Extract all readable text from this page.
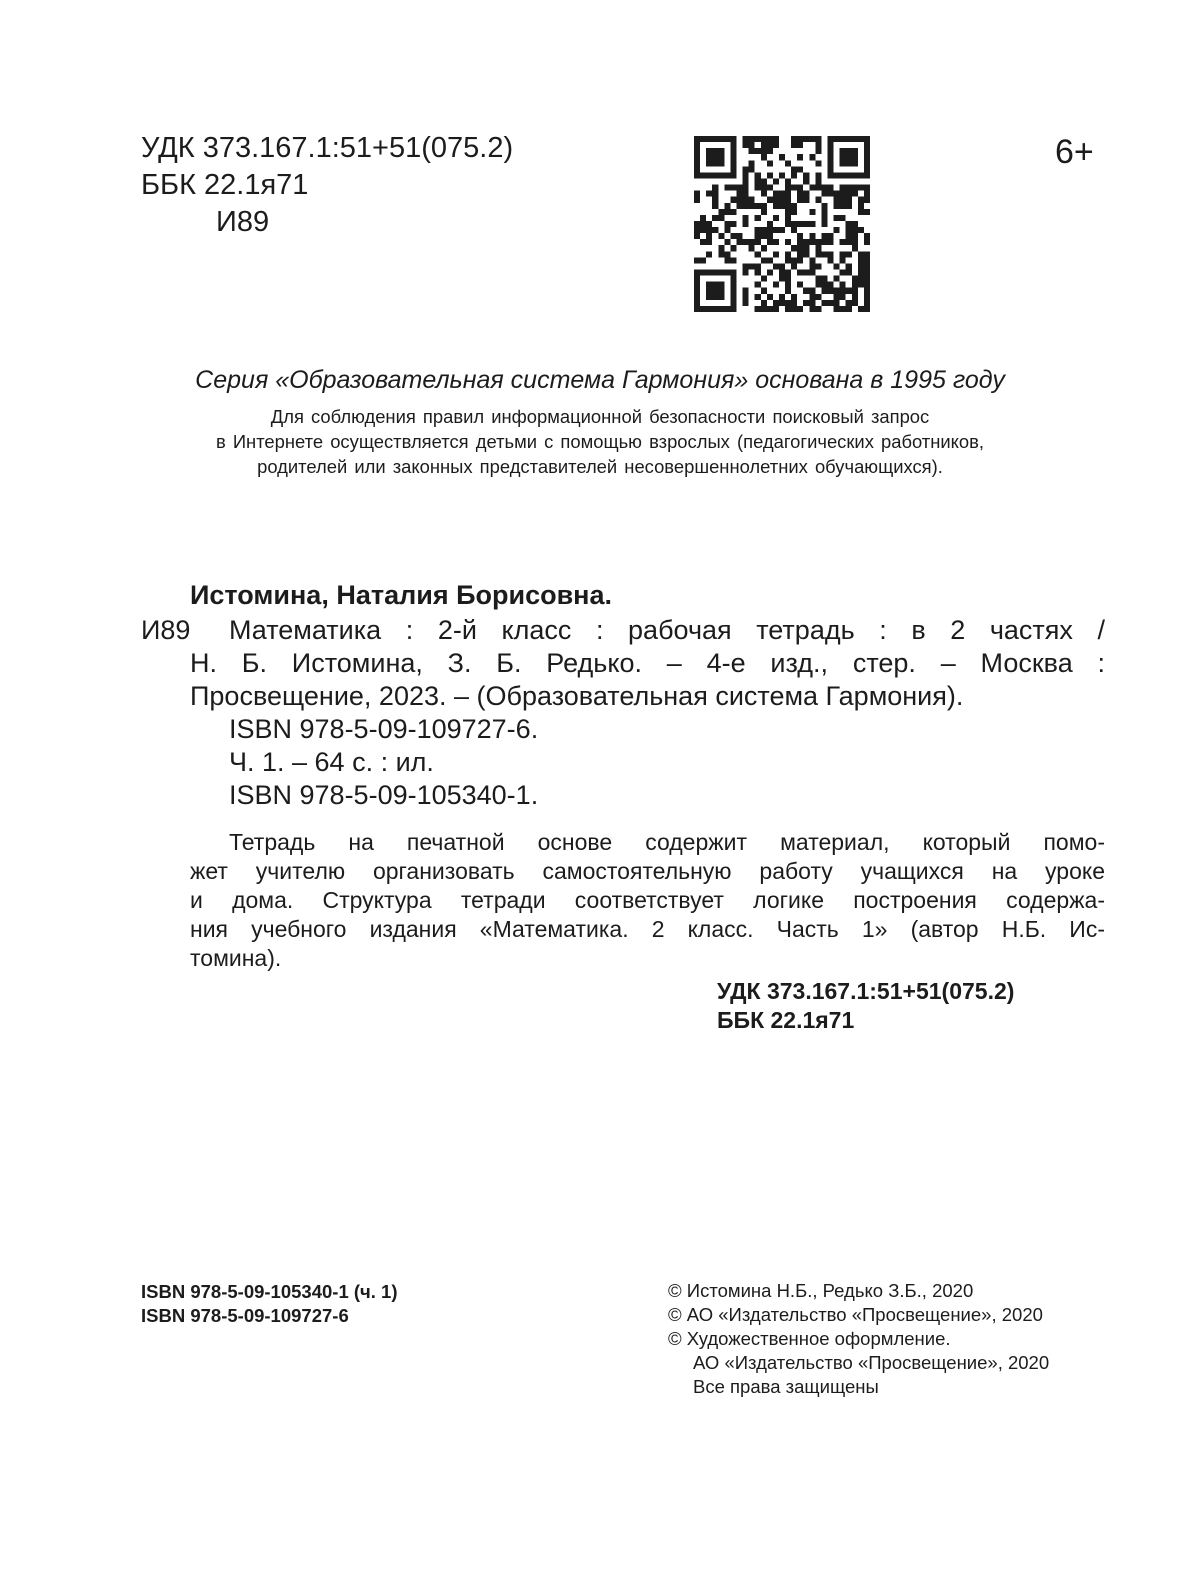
УДК 373.167.1:51+51(075.2)
ББК 22.1я71
И89
6+
Серия «Образовательная система Гармония» основана в 1995 году
Для соблюдения правил информационной безопасности поисковый запрос
в Интернете осуществляется детьми с помощью взрослых (педагогических работников,
родителей или законных представителей несовершеннолетних обучающихся).
Истомина, Наталия Борисовна.
И89 Математика : 2-й класс : рабочая тетрадь : в 2 частях /
Н. Б. Истомина, З. Б. Редько. – 4-е изд., стер. – Москва :
Просвещение, 2023. – (Образовательная система Гармония).
ISBN 978-5-09-109727-6.
Ч. 1. – 64 с. : ил.
ISBN 978-5-09-105340-1.
Тетрадь на печатной основе содержит материал, который помо-
жет учителю организовать самостоятельную работу учащихся на уроке
и дома. Структура тетради соответствует логике построения содержа-
ния учебного издания «Математика. 2 класс. Часть 1» (автор Н.Б. Ис-
томина).
УДК 373.167.1:51+51(075.2)
ББК 22.1я71
ISBN 978-5-09-105340-1 (ч. 1)
ISBN 978-5-09-109727-6
© Истомина Н.Б., Редько З.Б., 2020
© АО «Издательство «Просвещение», 2020
© Художественное оформление.
АО «Издательство «Просвещение», 2020
Все права защищены
